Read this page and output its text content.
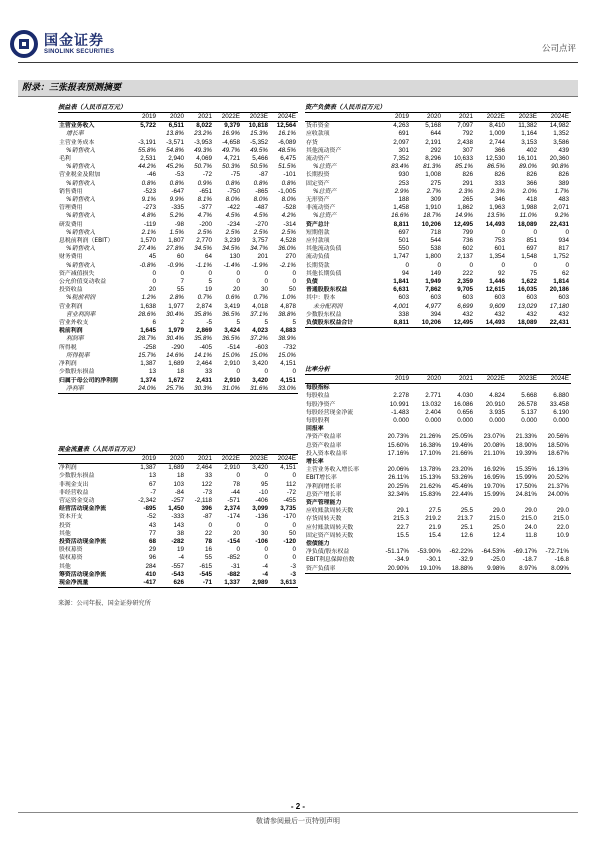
国金证券
SINOLINK SECURITIES	公司点评
附录：三张报表预测摘要
损益表（人民币百万元）
	2019	2020	2021	2022E	2023E	2024E
主营业务收入	5,722	6,511	8,022	9,379	10,818	12,564
增长率		13.8%	23.2%	16.9%	15.3%	16.1%
主营业务成本	-3,191	-3,571	-3,953	-4,658	-5,352	-6,089
%销售收入	55.8%	54.8%	49.3%	49.7%	49.5%	48.5%
毛利	2,531	2,940	4,069	4,721	5,466	6,475
%销售收入	44.2%	45.2%	50.7%	50.3%	50.5%	51.5%
营业税金及附加	-46	-53	-72	-75	-87	-101
%销售收入	0.8%	0.8%	0.9%	0.8%	0.8%	0.8%
销售费用	-523	-647	-651	-750	-865	-1,005
%销售收入	9.1%	9.9%	8.1%	8.0%	8.0%	8.0%
管理费用	-273	-335	-377	-422	-487	-528
%销售收入	4.8%	5.2%	4.7%	4.5%	4.5%	4.2%
研发费用	-119	-98	-200	-234	-270	-314
%销售收入	2.1%	1.5%	2.5%	2.5%	2.5%	2.5%
息税前利润（EBIT）	1,570	1,807	2,770	3,239	3,757	4,528
%销售收入	27.4%	27.8%	34.5%	34.5%	34.7%	36.0%
财务费用	45	60	64	130	201	270
%销售收入	-0.8%	-0.9%	-1.1%	-1.4%	-1.9%	-2.1%
资产减值损失	0	0	0	0	0	0
公允价值变动收益	0	7	5	0	0	0
投资收益	20	55	19	20	30	50
%税前利润	1.2%	2.8%	0.7%	0.6%	0.7%	1.0%
营业利润	1,638	1,977	2,874	3,419	4,018	4,878
营业利润率	28.6%	30.4%	35.8%	36.5%	37.1%	38.8%
营业外收支	6	2	-5	5	5	5
税前利润	1,645	1,979	2,869	3,424	4,023	4,883
利润率	28.7%	30.4%	35.8%	36.5%	37.2%	38.9%
所得税	-258	-290	-405	-514	-603	-732
所得税率	15.7%	14.6%	14.1%	15.0%	15.0%	15.0%
净利润	1,387	1,689	2,464	2,910	3,420	4,151
少数股东损益	13	18	33	0	0	0
归属于母公司的净利润	1,374	1,672	2,431	2,910	3,420	4,151
净利率	24.0%	25.7%	30.3%	31.0%	31.6%	33.0%

资产负债表（人民币百万元）
	2019	2020	2021	2022E	2023E	2024E
货币资金	4,263	5,168	7,097	8,410	11,382	14,982
应收款项	691	644	792	1,009	1,164	1,352
存货	2,097	2,191	2,438	2,744	3,153	3,586
其他流动资产	301	292	307	366	402	439
流动资产	7,352	8,296	10,633	12,530	16,101	20,360
%总资产	83.4%	81.3%	85.1%	86.5%	89.0%	90.8%
长期投资	930	1,008	826	826	826	826
固定资产	253	275	291	333	366	389
%总资产	2.9%	2.7%	2.3%	2.3%	2.0%	1.7%
无形资产	188	309	265	346	418	483
非流动资产	1,458	1,910	1,862	1,963	1,988	2,071
%总资产	16.6%	18.7%	14.9%	13.5%	11.0%	9.2%
资产总计	8,811	10,206	12,495	14,493	18,089	22,431
短期借款	697	718	799	0	0	0
应付款项	501	544	736	753	851	934
其他流动负债	550	538	602	601	697	817
流动负债	1,747	1,800	2,137	1,354	1,548	1,752
长期贷款	0	0	0	0	0	0
其他长期负债	94	149	222	92	75	62
负债	1,841	1,949	2,359	1,446	1,622	1,814
普通股股东权益	6,631	7,862	9,705	12,615	16,035	20,186
其中：股本	603	603	603	603	603	603
未分配利润	4,001	4,977	6,699	9,609	13,029	17,180
少数股东权益	338	394	432	432	432	432
负债股东权益合计	8,811	10,206	12,495	14,493	18,089	22,431

比率分析
	2019	2020	2021	2022E	2023E	2024E
每股指标						
每股收益	2.278	2.771	4.030	4.824	5.668	6.880
每股净资产	10.991	13.032	16.086	20.910	26.578	33.458
每股经营现金净流	-1.483	2.404	0.656	3.935	5.137	6.190
每股股利	0.000	0.000	0.000	0.000	0.000	0.000
回报率						
净资产收益率	20.73%	21.26%	25.05%	23.07%	21.33%	20.56%
总资产收益率	15.60%	16.38%	19.46%	20.08%	18.90%	18.50%
投入资本收益率	17.16%	17.10%	21.66%	21.10%	19.39%	18.67%
增长率						
主营业务收入增长率	20.06%	13.78%	23.20%	16.92%	15.35%	16.13%
EBIT增长率	26.11%	15.13%	53.26%	16.95%	15.99%	20.52%
净利润增长率	20.25%	21.62%	45.46%	19.70%	17.50%	21.37%
总资产增长率	32.34%	15.83%	22.44%	15.99%	24.81%	24.00%
资产管理能力						
应收账款周转天数	29.1	27.5	25.5	29.0	29.0	29.0
存货周转天数	215.3	219.2	213.7	215.0	215.0	215.0
应付账款周转天数	22.7	21.9	25.1	25.0	24.0	22.0
固定资产周转天数	15.5	15.4	12.6	12.4	11.8	10.9
偿债能力						
净负债/股东权益	-51.17%	-53.90%	-62.22%	-64.53%	-69.17%	-72.71%
EBIT利息保障倍数	-34.9	-30.1	-32.9	-25.0	-18.7	-16.8
资产负债率	20.90%	19.10%	18.88%	9.98%	8.97%	8.09%

现金流量表（人民币百万元）
	2019	2020	2021	2022E	2023E	2024E
净利润	1,387	1,689	2,464	2,910	3,420	4,151
少数股东损益	13	18	33	0	0	0
非现金支出	67	103	122	78	95	112
非经营收益	-7	-84	-73	-44	-10	-72
营运资金变动	-2,342	-257	-2,118	-571	-406	-455
经营活动现金净流	-895	1,450	396	2,374	3,099	3,735
资本开支	-52	-333	-87	-174	-136	-170
投资	43	143	0	0	0	0
其他	77	38	22	20	30	50
投资活动现金净流	68	-282	78	-154	-106	-120
股权募资	29	19	16	0	0	0
债权募资	96	-4	55	-852	0	0
其他	284	-557	-615	-31	-4	-3
筹资活动现金净流	410	-543	-545	-882	-4	-3
现金净流量	-417	626	-71	1,337	2,989	3,613

来源：公司年报、国金证券研究所
- 2 -
敬请参阅最后一页特别声明
